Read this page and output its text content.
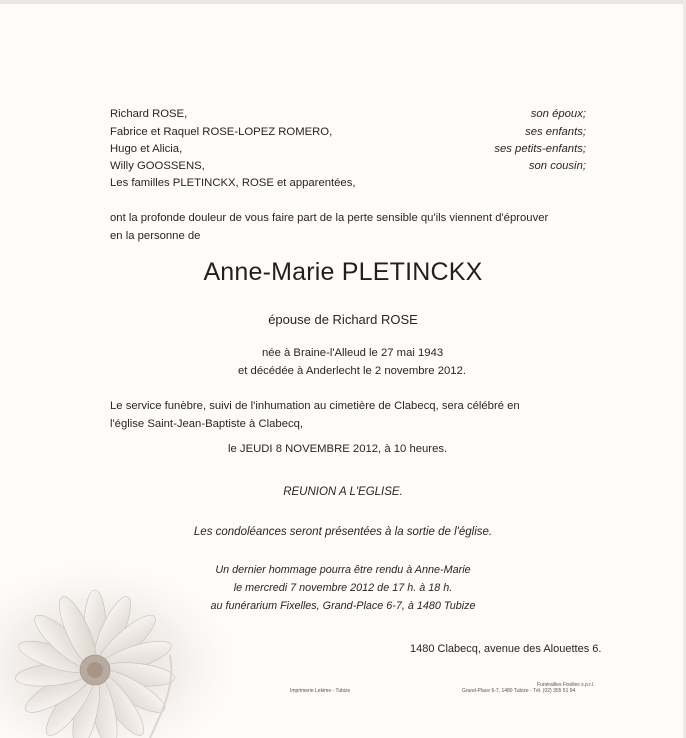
Richard ROSE,	son époux;
Fabrice et Raquel ROSE-LOPEZ ROMERO,	ses enfants;
Hugo et Alicia,	ses petits-enfants;
Willy GOOSSENS,	son cousin;
Les familles PLETINCKX, ROSE et apparentées,
ont la profonde douleur de vous faire part de la perte sensible qu'ils viennent d'éprouver
en la personne de
Anne-Marie PLETINCKX
épouse de Richard ROSE
née à Braine-l'Alleud le 27 mai 1943
et décédée à Anderlecht le 2 novembre 2012.
Le service funèbre, suivi de l'inhumation au cimetière de Clabecq, sera célébré en
l'église Saint-Jean-Baptiste à Clabecq,
le JEUDI 8 NOVEMBRE 2012, à 10 heures.
REUNION A L'EGLISE.
Les condoléances seront présentées à la sortie de l'église.
Un dernier hommage pourra être rendu à Anne-Marie
le mercredi 7 novembre 2012 de 17 h. à 18 h.
au funérarium Fixelles, Grand-Place 6-7, à 1480 Tubize
1480 Clabecq, avenue des Alouettes 6.
Imprimerie Lekime - Tubize
Funérailles Fixelles s.p.r.l.
Grand-Place 6-7, 1480 Tubize - Tél. (02) 355 51 94
